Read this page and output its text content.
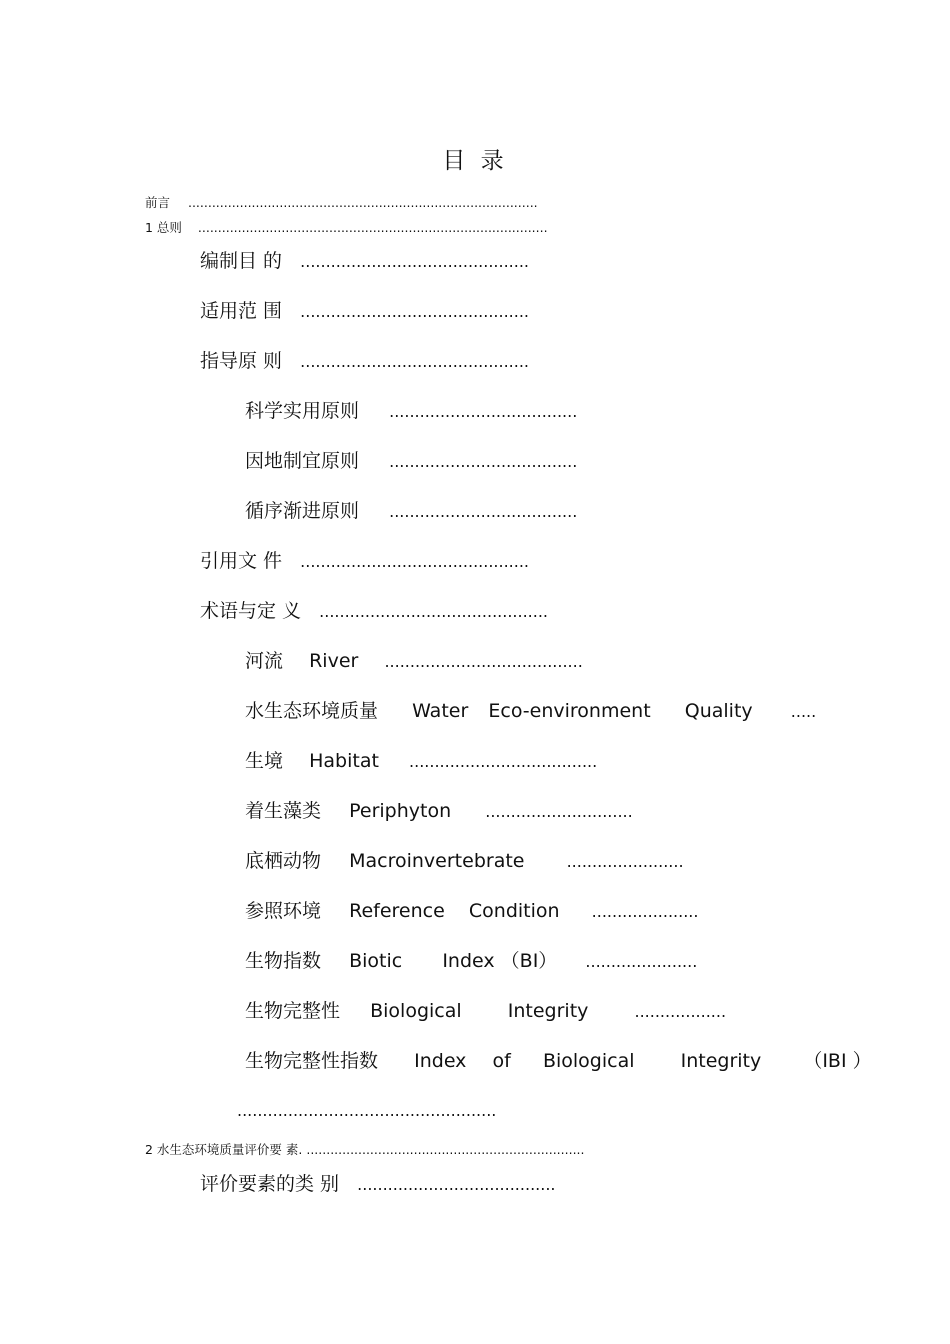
目 录
前言 ........................................................................................
1 总则 ........................................................................................
编制目 的 .............................................
适用范 围 .............................................
指导原 则 .............................................
科学实用原则 .....................................
因地制宜原则 .....................................
循序渐进原则 .....................................
引用文 件 .............................................
术语与定 义 .............................................
河流 River .......................................
水生态环境质量 Water Eco-environment Quality .....
生境 Habitat .....................................
着生藻类 Periphyton .............................
底栖动物 Macroinvertebrate	.......................
参照环境 Reference Condition .....................
生物指数 Biotic Index （BI） ......................
生物完整性 Biological Integrity	..................
生物完整性指数 Index of Biological Integrity （IBI ）
...................................................
2 水生态环境质量评价要 素. ......................................................................
评价要素的类 别 .......................................
